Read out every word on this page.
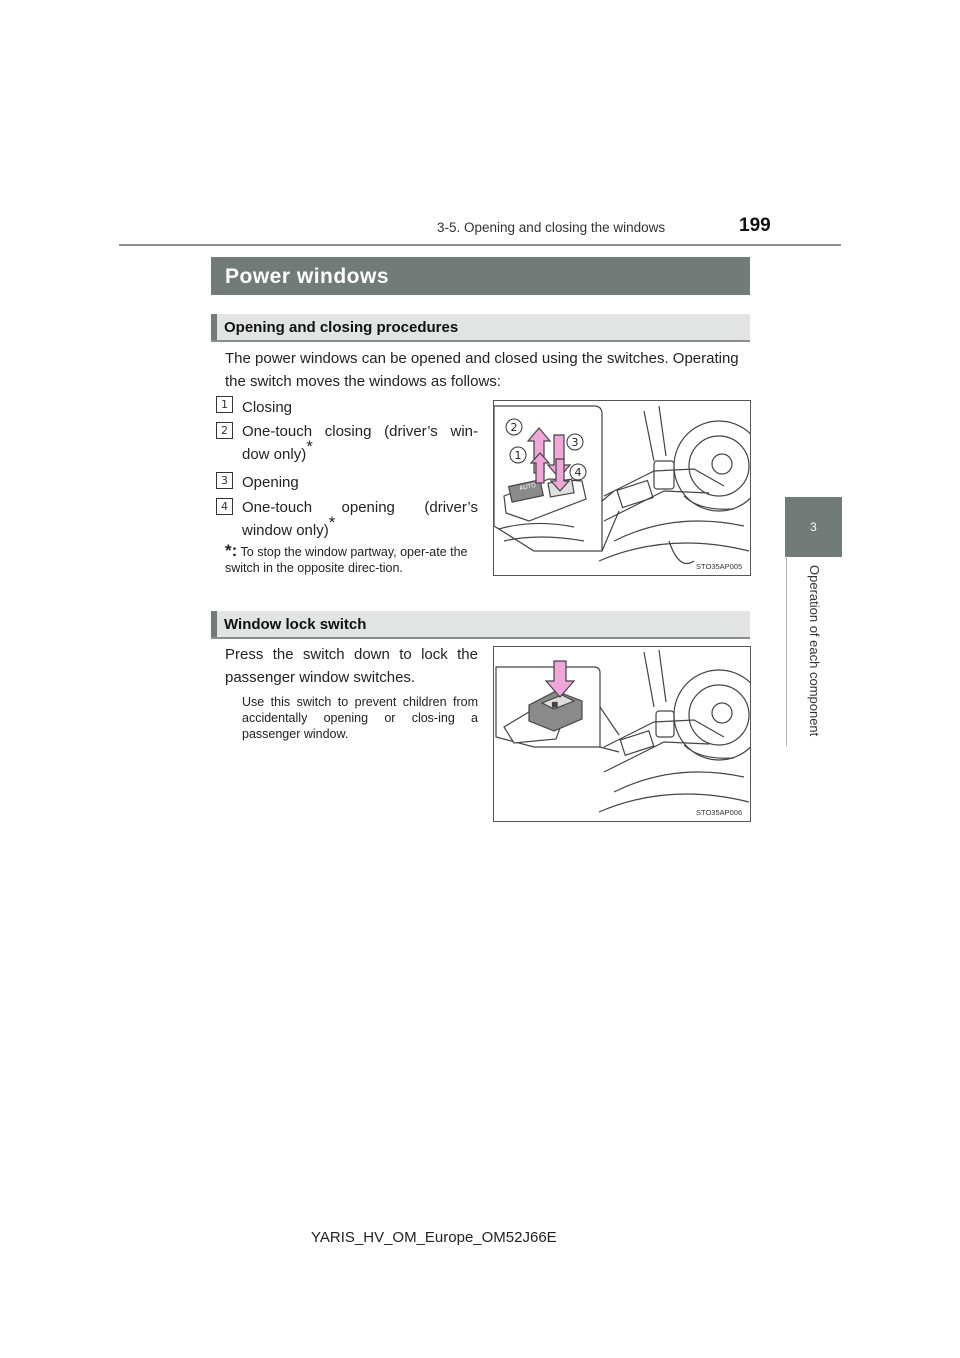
3-5. Opening and closing the windows	199
3
Operation of each component
Power windows
Opening and closing procedures
The power windows can be opened and closed using the switches. Operating the switch moves the windows as follows:
1 Closing
2 One-touch closing (driver’s win-dow only)*
3 Opening
4 One-touch opening (driver’s window only)*
*: To stop the window partway, oper-ate the switch in the opposite direc-tion.
AUTO
2
3
1
4
STO35AP005
Window lock switch
Press the switch down to lock the passenger window switches.
Use this switch to prevent children from accidentally opening or clos-ing a passenger window.
⊠
STO35AP006
YARIS_HV_OM_Europe_OM52J66E
